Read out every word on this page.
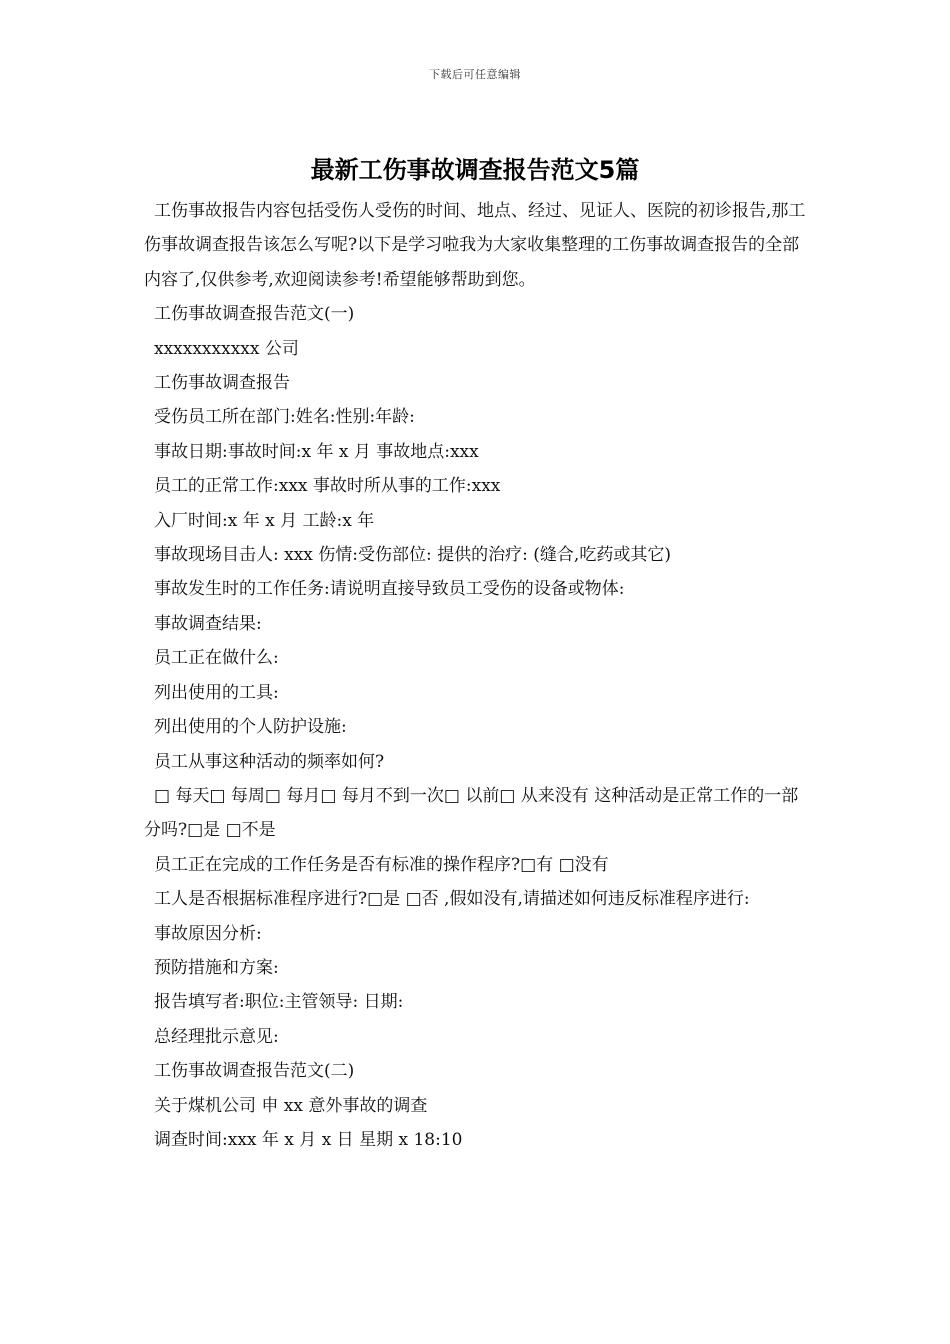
下载后可任意编辑
最新工伤事故调查报告范文5篇

工伤事故报告内容包括受伤人受伤的时间、地点、经过、见证人、医院的初诊报告,那工伤事故调查报告该怎么写呢?以下是学习啦我为大家收集整理的工伤事故调查报告的全部内容了,仅供参考,欢迎阅读参考!希望能够帮助到您。

工伤事故调查报告范文(一)

xxxxxxxxxxx 公司

工伤事故调查报告

受伤员工所在部门:姓名:性别:年龄:

事故日期:事故时间:x 年 x 月 事故地点:xxx

员工的正常工作:xxx 事故时所从事的工作:xxx

入厂时间:x 年 x 月 工龄:x 年

事故现场目击人: xxx 伤情:受伤部位: 提供的治疗: (缝合,吃药或其它)

事故发生时的工作任务:请说明直接导致员工受伤的设备或物体:

事故调查结果:

员工正在做什么:

列出使用的工具:

列出使用的个人防护设施:

员工从事这种活动的频率如何?

□ 每天□ 每周□ 每月□ 每月不到一次□ 以前□ 从来没有 这种活动是正常工作的一部分吗?□是 □不是

员工正在完成的工作任务是否有标准的操作程序?□有 □没有

工人是否根据标准程序进行?□是 □否 ,假如没有,请描述如何违反标准程序进行:

事故原因分析:

预防措施和方案:

报告填写者:职位:主管领导: 日期:

总经理批示意见:

工伤事故调查报告范文(二)

关于煤机公司 申 xx 意外事故的调查

调查时间:xxx 年 x 月 x 日 星期 x 18:10
